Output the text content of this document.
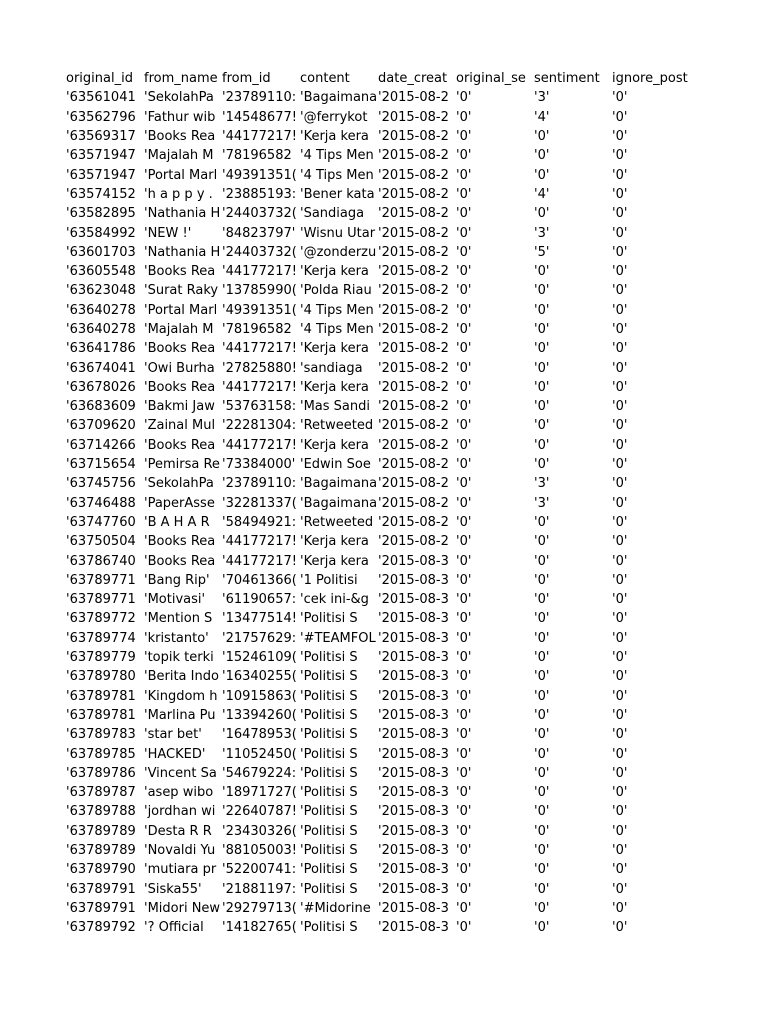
original_id	from_name	from_id	content	date_creat	original_se	sentiment	ignore_post
'63561041	'SekolahPa	'23789110:	'Bagaimana	'2015-08-2	'0'	'3'	'0'
'63562796	'Fathur wib	'14548677!	'@ferrykot	'2015-08-2	'0'	'4'	'0'
'63569317	'Books Rea	'44177217!	'Kerja kera	'2015-08-2	'0'	'0'	'0'
'63571947	'Majalah M	'78196582	'4 Tips Men	'2015-08-2	'0'	'0'	'0'
'63571947	'Portal Marl	'49391351(	'4 Tips Men	'2015-08-2	'0'	'0'	'0'
'63574152	'h a p p y .	'23885193:	'Bener kata	'2015-08-2	'0'	'4'	'0'
'63582895	'Nathania H	'24403732(	'Sandiaga	'2015-08-2	'0'	'0'	'0'
'63584992	'NEW !'	'84823797'	'Wisnu Utar	'2015-08-2	'0'	'3'	'0'
'63601703	'Nathania H	'24403732(	'@zonderzu	'2015-08-2	'0'	'5'	'0'
'63605548	'Books Rea	'44177217!	'Kerja kera	'2015-08-2	'0'	'0'	'0'
'63623048	'Surat Raky	'13785990(	'Polda Riau	'2015-08-2	'0'	'0'	'0'
'63640278	'Portal Marl	'49391351(	'4 Tips Men	'2015-08-2	'0'	'0'	'0'
'63640278	'Majalah M	'78196582	'4 Tips Men	'2015-08-2	'0'	'0'	'0'
'63641786	'Books Rea	'44177217!	'Kerja kera	'2015-08-2	'0'	'0'	'0'
'63674041	'Owi Burha	'27825880!	'sandiaga	'2015-08-2	'0'	'0'	'0'
'63678026	'Books Rea	'44177217!	'Kerja kera	'2015-08-2	'0'	'0'	'0'
'63683609	'Bakmi Jaw	'53763158:	'Mas Sandi	'2015-08-2	'0'	'0'	'0'
'63709620	'Zainal Mul	'22281304:	'Retweeted	'2015-08-2	'0'	'0'	'0'
'63714266	'Books Rea	'44177217!	'Kerja kera	'2015-08-2	'0'	'0'	'0'
'63715654	'Pemirsa Re	'73384000'	'Edwin Soe	'2015-08-2	'0'	'0'	'0'
'63745756	'SekolahPa	'23789110:	'Bagaimana	'2015-08-2	'0'	'3'	'0'
'63746488	'PaperAsse	'32281337(	'Bagaimana	'2015-08-2	'0'	'3'	'0'
'63747760	'B A H A R	'58494921:	'Retweeted	'2015-08-2	'0'	'0'	'0'
'63750504	'Books Rea	'44177217!	'Kerja kera	'2015-08-2	'0'	'0'	'0'
'63786740	'Books Rea	'44177217!	'Kerja kera	'2015-08-3	'0'	'0'	'0'
'63789771	'Bang Rip'	'70461366(	'1 Politisi	'2015-08-3	'0'	'0'	'0'
'63789771	'Motivasi'	'61190657:	'cek ini-&g	'2015-08-3	'0'	'0'	'0'
'63789772	'Mention S	'13477514!	'Politisi S	'2015-08-3	'0'	'0'	'0'
'63789774	'kristanto'	'21757629:	'#TEAMFOL	'2015-08-3	'0'	'0'	'0'
'63789779	'topik terki	'15246109(	'Politisi S	'2015-08-3	'0'	'0'	'0'
'63789780	'Berita Indo	'16340255(	'Politisi S	'2015-08-3	'0'	'0'	'0'
'63789781	'Kingdom h	'10915863(	'Politisi S	'2015-08-3	'0'	'0'	'0'
'63789781	'Marlina Pu	'13394260(	'Politisi S	'2015-08-3	'0'	'0'	'0'
'63789783	'star bet'	'16478953(	'Politisi S	'2015-08-3	'0'	'0'	'0'
'63789785	'HACKED'	'11052450(	'Politisi S	'2015-08-3	'0'	'0'	'0'
'63789786	'Vincent Sa	'54679224:	'Politisi S	'2015-08-3	'0'	'0'	'0'
'63789787	'asep wibo	'18971727(	'Politisi S	'2015-08-3	'0'	'0'	'0'
'63789788	'jordhan wi	'22640787!	'Politisi S	'2015-08-3	'0'	'0'	'0'
'63789789	'Desta R R	'23430326(	'Politisi S	'2015-08-3	'0'	'0'	'0'
'63789789	'Novaldi Yu	'88105003!	'Politisi S	'2015-08-3	'0'	'0'	'0'
'63789790	'mutiara pr	'52200741:	'Politisi S	'2015-08-3	'0'	'0'	'0'
'63789791	'Siska55'	'21881197:	'Politisi S	'2015-08-3	'0'	'0'	'0'
'63789791	'Midori New	'29279713(	'#Midorine	'2015-08-3	'0'	'0'	'0'
'63789792	'? Official	'14182765(	'Politisi S	'2015-08-3	'0'	'0'	'0'
